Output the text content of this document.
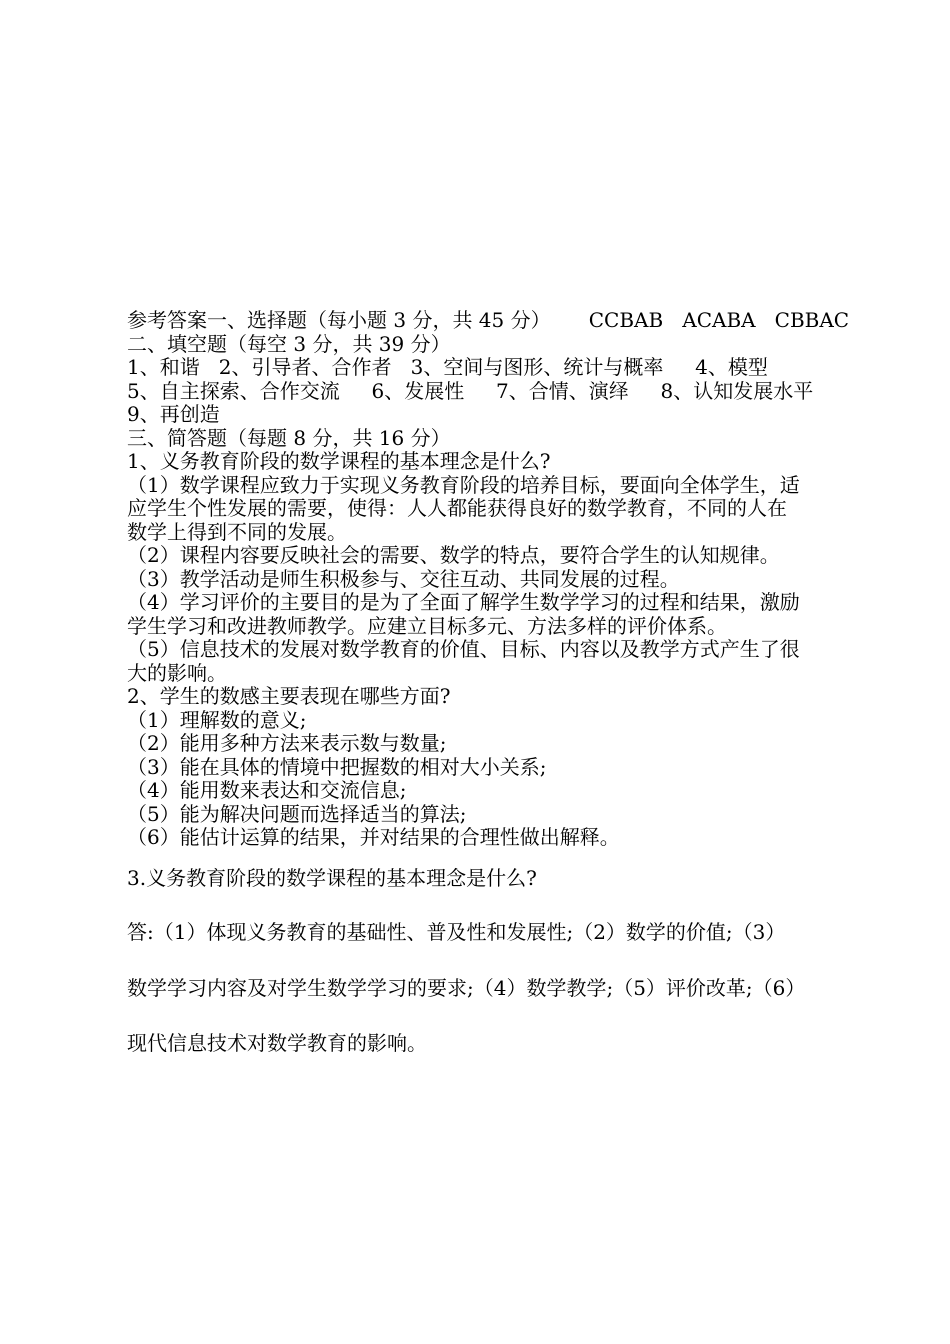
参考答案一、选择题（每小题 3 分，共 45 分）      CCBAB   ACABA   CBBAC
二、填空题（每空 3 分，共 39 分）
1、和谐   2、引导者、合作者   3、空间与图形、统计与概率     4、模型
5、自主探索、合作交流     6、发展性     7、合情、演绎     8、认知发展水平
9、再创造
三、简答题（每题 8 分，共 16 分）
1、义务教育阶段的数学课程的基本理念是什么?
（1）数学课程应致力于实现义务教育阶段的培养目标，要面向全体学生，适
应学生个性发展的需要，使得：人人都能获得良好的数学教育，不同的人在
数学上得到不同的发展。
（2）课程内容要反映社会的需要、数学的特点，要符合学生的认知规律。
（3）教学活动是师生积极参与、交往互动、共同发展的过程。
（4）学习评价的主要目的是为了全面了解学生数学学习的过程和结果，激励
学生学习和改进教师教学。应建立目标多元、方法多样的评价体系。
（5）信息技术的发展对数学教育的价值、目标、内容以及教学方式产生了很
大的影响。
2、学生的数感主要表现在哪些方面?
（1）理解数的意义;
（2）能用多种方法来表示数与数量;
（3）能在具体的情境中把握数的相对大小关系;
（4）能用数来表达和交流信息;
（5）能为解决问题而选择适当的算法;
（6）能估计运算的结果，并对结果的合理性做出解释。
3.义务教育阶段的数学课程的基本理念是什么?
答:（1）体现义务教育的基础性、普及性和发展性;（2）数学的价值;（3）
数学学习内容及对学生数学学习的要求;（4）数学教学;（5）评价改革;（6）
现代信息技术对数学教育的影响。
